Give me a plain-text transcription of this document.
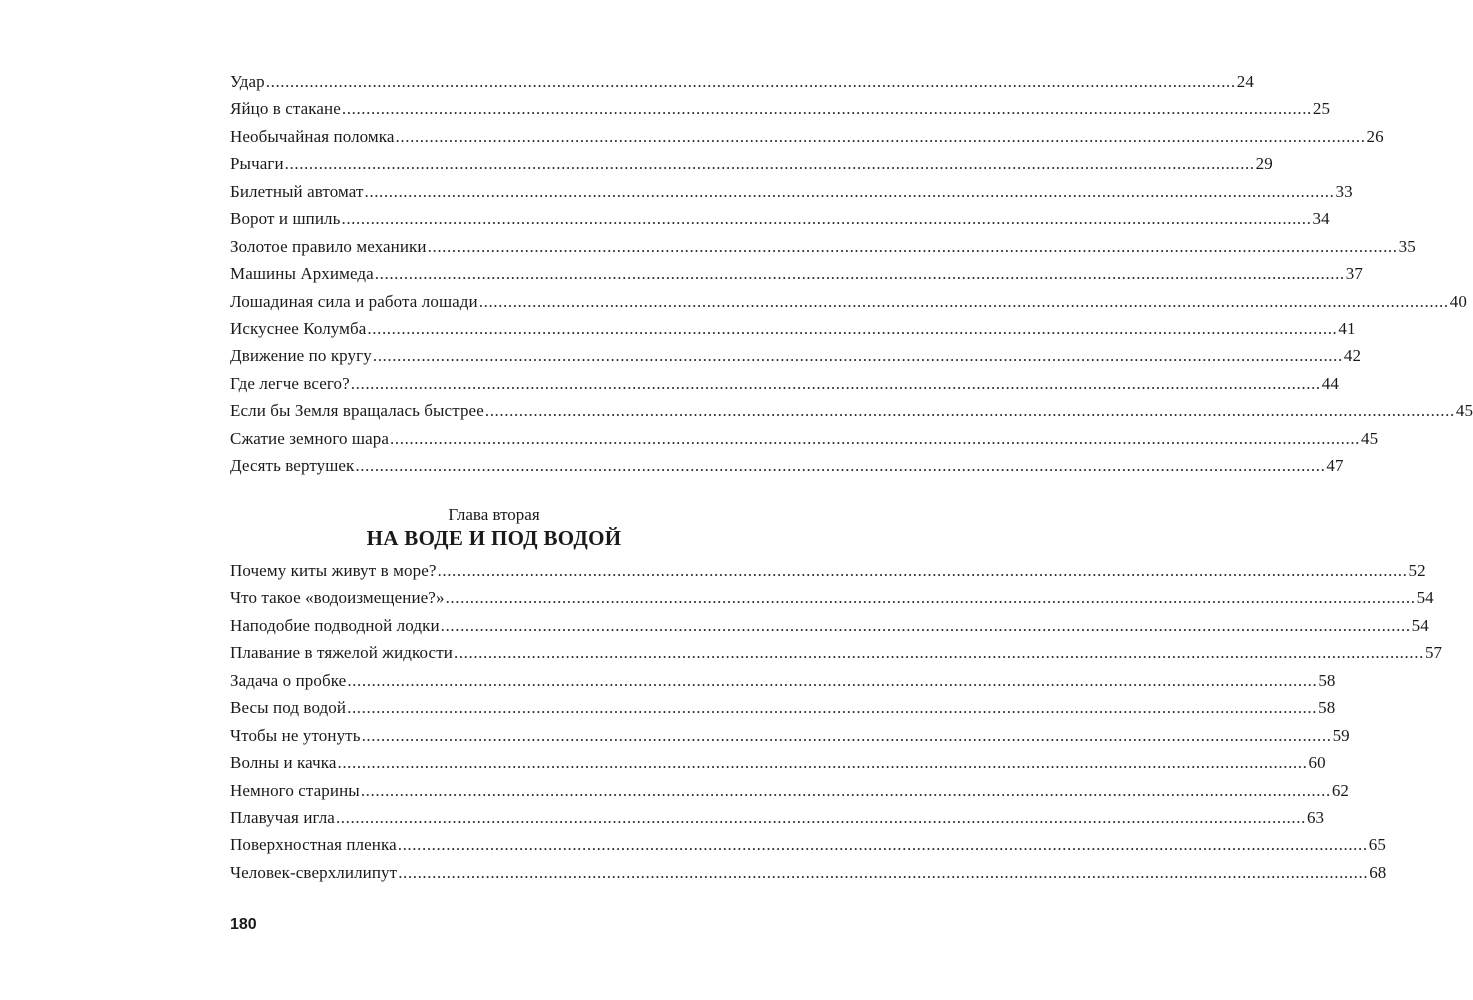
Удар ........................................................................................................................................................................................................ 24
Яйцо в стакане ........................................................................................................................................................................................................ 25
Необычайная поломка ........................................................................................................................................................................................................ 26
Рычаги ........................................................................................................................................................................................................ 29
Билетный автомат ........................................................................................................................................................................................................ 33
Ворот и шпиль ........................................................................................................................................................................................................ 34
Золотое правило механики ........................................................................................................................................................................................................ 35
Машины Архимеда ........................................................................................................................................................................................................ 37
Лошадиная сила и работа лошади ........................................................................................................................................................................................................ 40
Искуснее Колумба ........................................................................................................................................................................................................ 41
Движение по кругу ........................................................................................................................................................................................................ 42
Где легче всего? ........................................................................................................................................................................................................ 44
Если бы Земля вращалась быстрее ........................................................................................................................................................................................................ 45
Сжатие земного шара ........................................................................................................................................................................................................ 45
Десять вертушек ........................................................................................................................................................................................................ 47
Глава вторая
НА ВОДЕ И ПОД ВОДОЙ
Почему киты живут в море? ........................................................................................................................................................................................................ 52
Что такое «водоизмещение?» ........................................................................................................................................................................................................ 54
Наподобие подводной лодки ........................................................................................................................................................................................................ 54
Плавание в тяжелой жидкости ........................................................................................................................................................................................................ 57
Задача о пробке ........................................................................................................................................................................................................ 58
Весы под водой ........................................................................................................................................................................................................ 58
Чтобы не утонуть ........................................................................................................................................................................................................ 59
Волны и качка ........................................................................................................................................................................................................ 60
Немного старины ........................................................................................................................................................................................................ 62
Плавучая игла ........................................................................................................................................................................................................ 63
Поверхностная пленка ........................................................................................................................................................................................................ 65
Человек-сверхлилипут ........................................................................................................................................................................................................ 68
180
